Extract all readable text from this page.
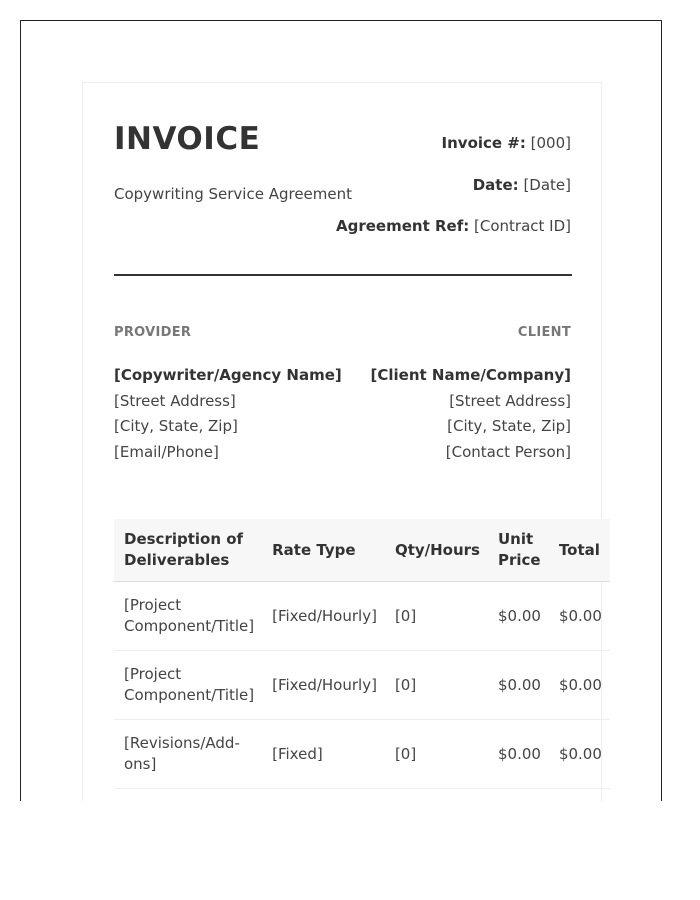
INVOICE
Copywriting Service Agreement
Invoice #: [000]
Date: [Date]
Agreement Ref: [Contract ID]
PROVIDER	CLIENT
[Copywriter/Agency Name]
[Street Address]
[City, State, Zip]
[Email/Phone]
[Client Name/Company]
[Street Address]
[City, State, Zip]
[Contact Person]
Description of Deliverables	Rate Type	Qty/Hours	Unit Price	Total
[Project Component/Title]	[Fixed/Hourly]	[0]	$0.00	$0.00
[Project Component/Title]	[Fixed/Hourly]	[0]	$0.00	$0.00
[Revisions/Add-ons]	[Fixed]	[0]	$0.00	$0.00
